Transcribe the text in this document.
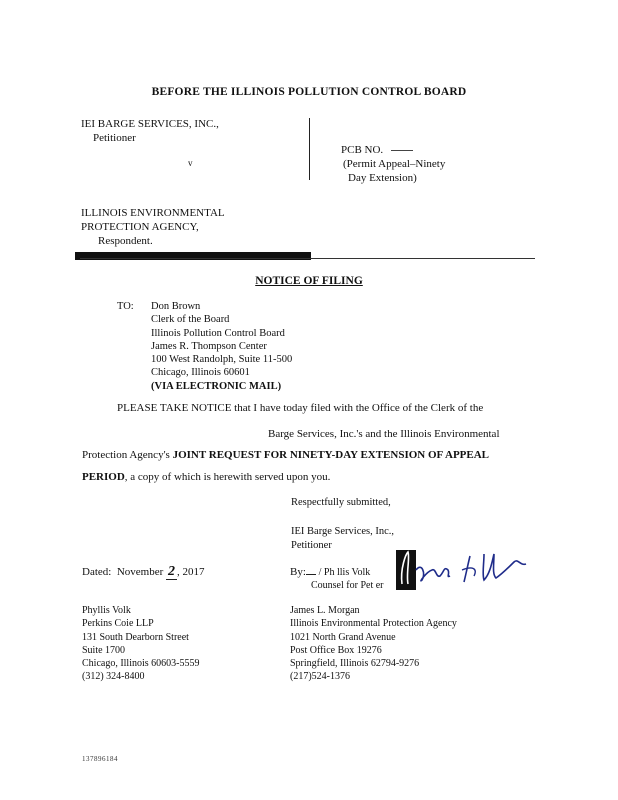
BEFORE THE ILLINOIS POLLUTION CONTROL BOARD
IEI BARGE SERVICES, INC.,
Petitioner
v
ILLINOIS ENVIRONMENTAL
PROTECTION AGENCY,
Respondent.
PCB NO.
(Permit Appeal–Ninety
Day Extension)
NOTICE OF FILING
TO: Don Brown
Clerk of the Board
Illinois Pollution Control Board
James R. Thompson Center
100 West Randolph, Suite 11-500
Chicago, Illinois 60601
(VIA ELECTRONIC MAIL)
PLEASE TAKE NOTICE that I have today filed with the Office of the Clerk of the
Barge Services, Inc.'s and the Illinois Environmental
Protection Agency's JOINT REQUEST FOR NINETY-DAY EXTENSION OF APPEAL
PERIOD, a copy of which is herewith served upon you.
Respectfully submitted,
IEI Barge Services, Inc.,
Petitioner
Dated: November 2 , 2017	By: / Ph llis Volk
Counsel for Pet er
Phyllis Volk
Perkins Coie LLP
131 South Dearborn Street
Suite 1700
Chicago, Illinois 60603-5559
(312) 324-8400
James L. Morgan
Illinois Environmental Protection Agency
1021 North Grand Avenue
Post Office Box 19276
Springfield, Illinois 62794-9276
(217)524-1376
137896184
